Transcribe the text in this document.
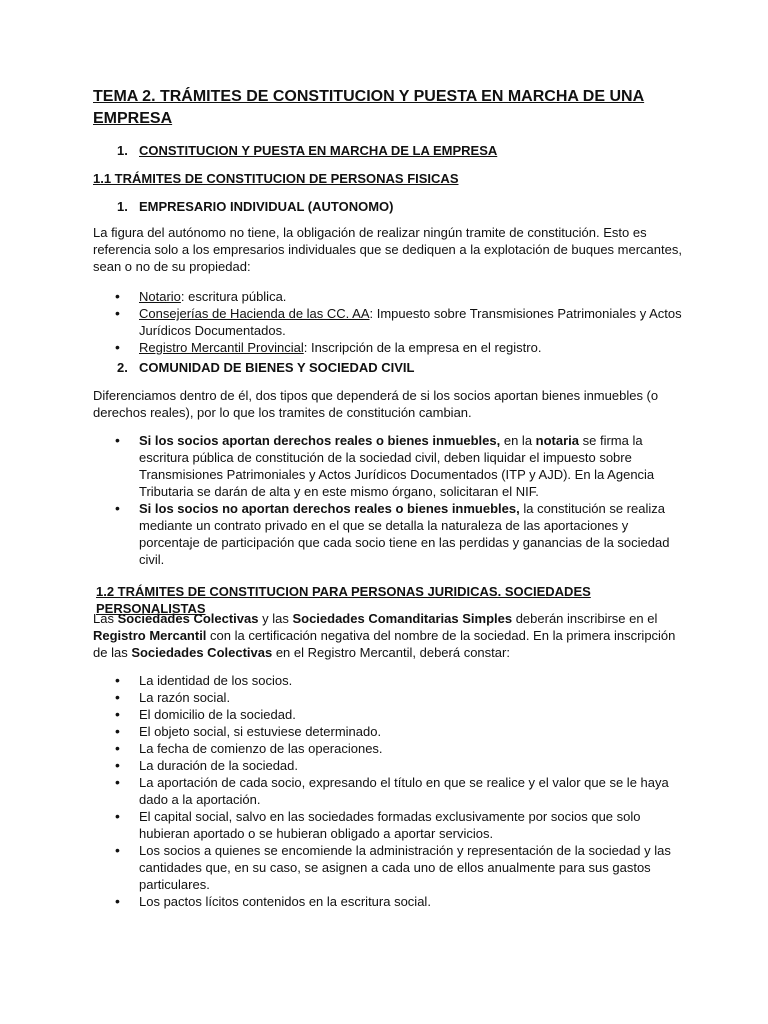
TEMA 2. TRÁMITES DE CONSTITUCION Y PUESTA EN MARCHA DE UNA EMPRESA
1. CONSTITUCION Y PUESTA EN MARCHA DE LA EMPRESA
1.1 TRÁMITES DE CONSTITUCION DE PERSONAS FISICAS
1. EMPRESARIO INDIVIDUAL (AUTONOMO)

La figura del autónomo no tiene, la obligación de realizar ningún tramite de constitución. Esto es referencia solo a los empresarios individuales que se dediquen a la explotación de buques mercantes, sean o no de su propiedad:

• Notario: escritura pública.
• Consejerías de Hacienda de las CC. AA: Impuesto sobre Transmisiones Patrimoniales y Actos Jurídicos Documentados.
• Registro Mercantil Provincial: Inscripción de la empresa en el registro.
2. COMUNIDAD DE BIENES Y SOCIEDAD CIVIL

Diferenciamos dentro de él, dos tipos que dependerá de si los socios aportan bienes inmuebles (o derechos reales), por lo que los tramites de constitución cambian.

• Si los socios aportan derechos reales o bienes inmuebles, en la notaria se firma la escritura pública de constitución de la sociedad civil, deben liquidar el impuesto sobre Transmisiones Patrimoniales y Actos Jurídicos Documentados (ITP y AJD). En la Agencia Tributaria se darán de alta y en este mismo órgano, solicitaran el NIF.
• Si los socios no aportan derechos reales o bienes inmuebles, la constitución se realiza mediante un contrato privado en el que se detalla la naturaleza de las aportaciones y porcentaje de participación que cada socio tiene en las perdidas y ganancias de la sociedad civil.
1.2 TRÁMITES DE CONSTITUCION PARA PERSONAS JURIDICAS. SOCIEDADES PERSONALISTAS

Las Sociedades Colectivas y las Sociedades Comanditarias Simples deberán inscribirse en el Registro Mercantil con la certificación negativa del nombre de la sociedad. En la primera inscripción de las Sociedades Colectivas en el Registro Mercantil, deberá constar:

• La identidad de los socios.
• La razón social.
• El domicilio de la sociedad.
• El objeto social, si estuviese determinado.
• La fecha de comienzo de las operaciones.
• La duración de la sociedad.
• La aportación de cada socio, expresando el título en que se realice y el valor que se le haya dado a la aportación.
• El capital social, salvo en las sociedades formadas exclusivamente por socios que solo hubieran aportado o se hubieran obligado a aportar servicios.
• Los socios a quienes se encomiende la administración y representación de la sociedad y las cantidades que, en su caso, se asignen a cada uno de ellos anualmente para sus gastos particulares.
• Los pactos lícitos contenidos en la escritura social.
